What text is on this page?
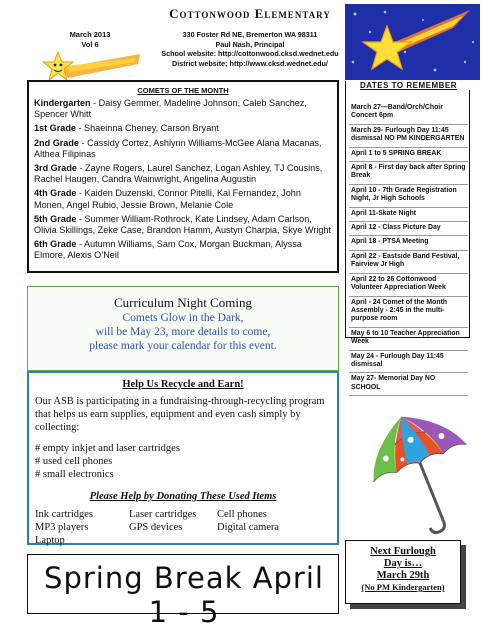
March 2013
Vol 6
Cottonwood Elementary
330 Foster Rd NE, Bremerton WA 98311
Paul Nash, Principal
School website: http://cottonwood.cksd.wednet.edu
District website; http://www.cksd.wednet.edu/
COMETS OF THE MONTH
Kindergarten - Daisy Gemmer, Madeline Johnson, Caleb Sanchez, Spencer Whitt
1st Grade - Shaeinna Cheney, Carson Bryant
2nd Grade - Cassidy Cortez, Ashlynn Williams-McGee Alana Macanas, Althea Filipinas
3rd Grade - Zayne Rogers, Laurel Sanchez, Logan Ashley, TJ Cousins, Rachel Haugen, Candra Wainwright, Angelina Augustin
4th Grade - Kaiden Duzenski, Connor Pitelli, Kai Fernandez, John Monen, Angel Rubio, Jessie Brown, Melanie Cole
5th Grade - Summer William-Rothrock, Kate Lindsey, Adam Carlson, Olivia Skillings, Zeke Case, Brandon Hamm, Austyn Charpia, Skye Wright
6th Grade - Autumn Williams, Sam Cox, Morgan Buckman, Alyssa Elmore, Alexis O’Neil
Curriculum Night Coming
Comets Glow in the Dark,
will be May 23, more details to come,
please mark your calendar for this event.
Help Us Recycle and Earn!
Our ASB is participating in a fundraising-through-recycling program that helps us earn supplies, equipment and even cash simply by collecting:
# empty inkjet and laser cartridges
# used cell phones
# small electronics
Please Help by Donating These Used Items
Ink cartridges	Laser cartridges	Cell phones
MP3 players	GPS devices	Digital camera
Laptop
Spring Break April 1 - 5
DATES TO REMEMBER
March 27—Band/Orch/Choir Concert 6pm
March 29- Furlough Day 11:45 dismissal NO PM KINDERGARTEN
April 1 to 5 SPRING BREAK
April 8 - First day back after Spring Break
April 10 - 7th Grade Registration Night, Jr High Schools
April 11-Skate Night
April 12 - Class Picture Day
April 18 - PTSA Meeting
April 22 - Eastside Band Festival, Fairview Jr High
April 22 to 26 Cottonwood Volunteer Appreciation Week
April - 24 Comet of the Month Assembly - 2:45 in the multi-purpose room
May 6 to 10 Teacher Appreciation Week
May 24 - Furlough Day 11:45 dismissal
May 27- Memorial Day NO SCHOOL
Next Furlough
Day is…
March 29th
(No PM Kindergarten)
